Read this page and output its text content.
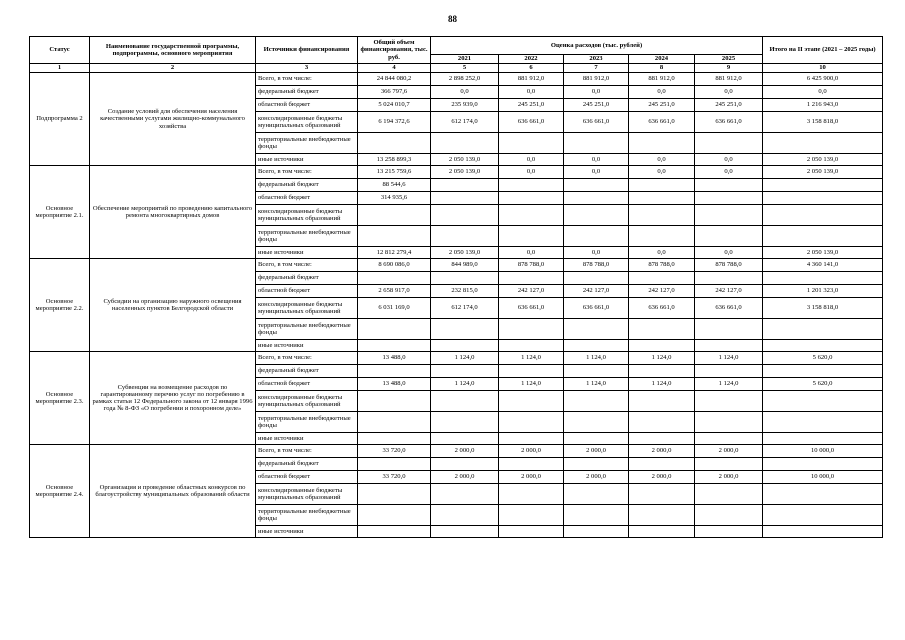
88
Статус	Наименование государственной программы, подпрограммы, основного мероприятия	Источники финансирования	Общий объем финансирования, тыс. руб.	Оценка расходов (тыс. рублей)					Итого на II этапе (2021 – 2025 годы)
				2021	2022	2023	2024	2025	
1	2	3	4	5	6	7	8	9	10
Подпрограмма 2	Создание условий для обеспечения населения качественными услугами жилищно-коммунального хозяйства	Всего, в том числе:	24 844 080,2	2 898 252,0	881 912,0	881 912,0	881 912,0	881 912,0	6 425 900,0
		федеральный бюджет	366 797,6	0,0	0,0	0,0	0,0	0,0	0,0
		областной бюджет	5 024 010,7	235 939,0	245 251,0	245 251,0	245 251,0	245 251,0	1 216 943,0
		консолидированные бюджеты муниципальных образований	6 194 372,6	612 174,0	636 661,0	636 661,0	636 661,0	636 661,0	3 158 818,0
		территориальные внебюджетные фонды							
		иные источники	13 258 899,3	2 050 139,0	0,0	0,0	0,0	0,0	2 050 139,0
Основное мероприятие 2.1.	Обеспечение мероприятий по проведению капитального ремонта многоквартирных домов	Всего, в том числе:	13 215 759,6	2 050 139,0	0,0	0,0	0,0	0,0	2 050 139,0
		федеральный бюджет	88 544,6						
		областной бюджет	314 935,6						
		консолидированные бюджеты муниципальных образований							
		территориальные внебюджетные фонды							
		иные источники	12 812 279,4	2 050 139,0	0,0	0,0	0,0	0,0	2 050 139,0
Основное мероприятие 2.2.	Субсидии на организацию наружного освещения населенных пунктов Белгородской области	Всего, в том числе:	8 690 086,0	844 989,0	878 788,0	878 788,0	878 788,0	878 788,0	4 360 141,0
		федеральный бюджет							
		областной бюджет	2 658 917,0	232 815,0	242 127,0	242 127,0	242 127,0	242 127,0	1 201 323,0
		консолидированные бюджеты муниципальных образований	6 031 169,0	612 174,0	636 661,0	636 661,0	636 661,0	636 661,0	3 158 818,0
		территориальные внебюджетные фонды							
		иные источники							
Основное мероприятие 2.3.	Субвенции на возмещение расходов по гарантированному перечню услуг по погребению в рамках статьи 12 Федерального закона от 12 января 1996 года № 8-ФЗ «О погребении и похоронном деле»	Всего, в том числе:	13 488,0	1 124,0	1 124,0	1 124,0	1 124,0	1 124,0	5 620,0
		федеральный бюджет							
		областной бюджет	13 488,0	1 124,0	1 124,0	1 124,0	1 124,0	1 124,0	5 620,0
		консолидированные бюджеты муниципальных образований							
		территориальные внебюджетные фонды							
		иные источники							
Основное мероприятие 2.4.	Организация и проведение областных конкурсов по благоустройству муниципальных образований области	Всего, в том числе:	33 720,0	2 000,0	2 000,0	2 000,0	2 000,0	2 000,0	10 000,0
		федеральный бюджет							
		областной бюджет	33 720,0	2 000,0	2 000,0	2 000,0	2 000,0	2 000,0	10 000,0
		консолидированные бюджеты муниципальных образований							
		территориальные внебюджетные фонды							
		иные источники							
